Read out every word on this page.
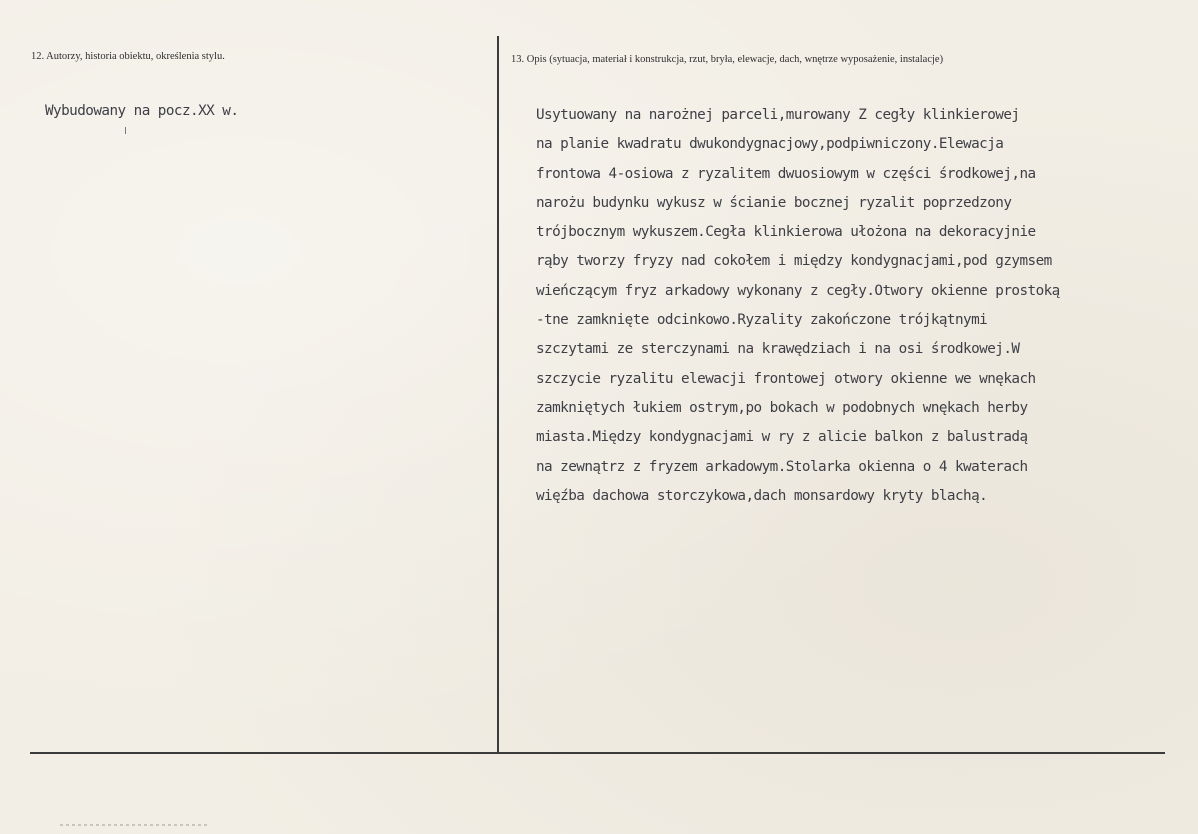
12. Autorzy, historia obiektu, określenia stylu.	13. Opis (sytuacja, materiał i konstrukcja, rzut, bryła, elewacje, dach, wnętrze wyposażenie, instalacje)
Wybudowany na pocz.XX w.	Usytuowany na narożnej parceli,murowany Z cegły klinkierowej
na planie kwadratu dwukondygnacjowy,podpiwniczony.Elewacja
frontowa 4-osiowa z ryzalitem dwuosiowym w części środkowej,na
narożu budynku wykusz w ścianie bocznej ryzalit poprzedzony
trójbocznym wykuszem.Cegła klinkierowa ułożona na dekoracyjnie
rąby tworzy fryzy nad cokołem i między kondygnacjami,pod gzymsem
wieńczącym fryz arkadowy wykonany z cegły.Otwory okienne prostoką
-tne zamknięte odcinkowo.Ryzality zakończone trójkątnymi
szczytami ze sterczynami na krawędziach i na osi środkowej.W
szczycie ryzalitu elewacji frontowej otwory okienne we wnękach
zamkniętych łukiem ostrym,po bokach w podobnych wnękach herby
miasta.Między kondygnacjami w ry z alicie balkon z balustradą
na zewnątrz z fryzem arkadowym.Stolarka okienna o 4 kwaterach
więźba dachowa storczykowa,dach monsardowy kryty blachą.
